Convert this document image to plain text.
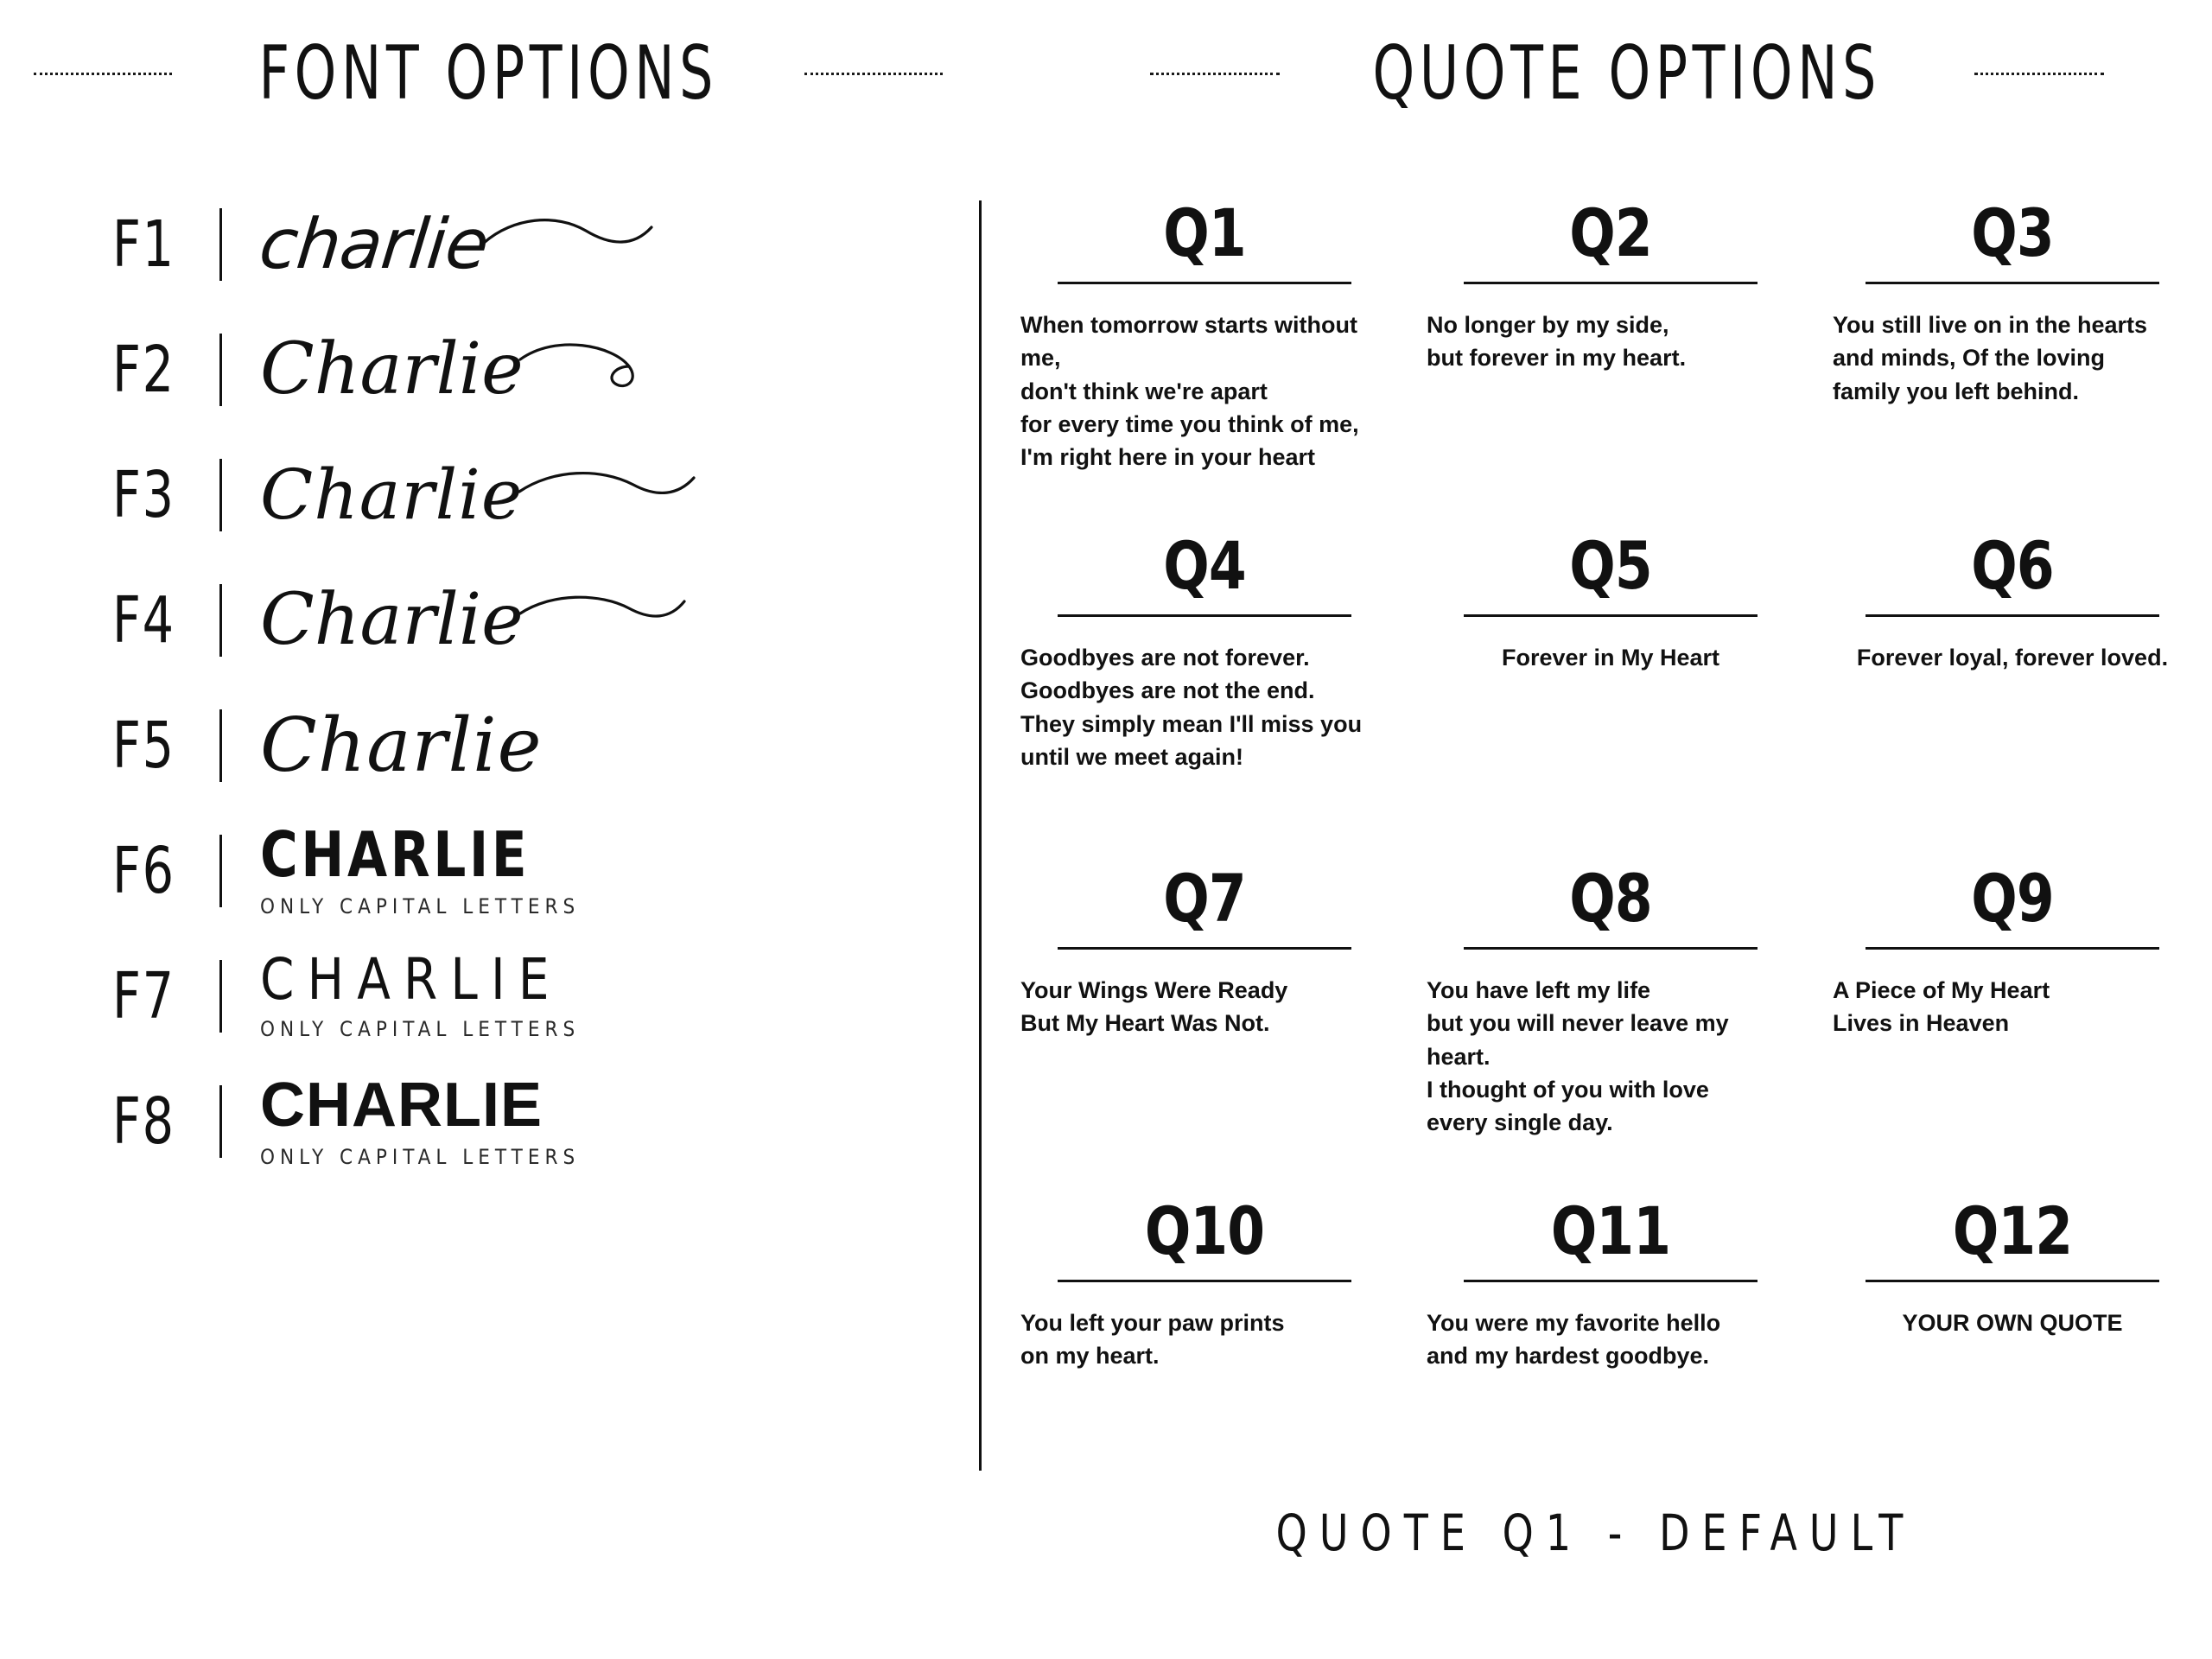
FONT OPTIONS
F1	charlie
F2	Charlie
F3	Charlie
F4	Charlie
F5	Charlie
F6	CHARLIE
ONLY CAPITAL LETTERS
F7	CHARLIE
ONLY CAPITAL LETTERS
F8	CHARLIE
ONLY CAPITAL LETTERS
QUOTE OPTIONS
Q1
When tomorrow starts without me,
don't think we're apart
for every time you think of me,
I'm right here in your heart
Q2
No longer by my side,
but forever in my heart.
Q3
You still live on in the hearts
and minds, Of the loving
family you left behind.
Q4
Goodbyes are not forever.
Goodbyes are not the end.
They simply mean I'll miss you
until we meet again!
Q5
Forever in My Heart
Q6
Forever loyal, forever loved.
Q7
Your Wings Were Ready
But My Heart Was Not.
Q8
You have left my life
but you will never leave my heart.
I thought of you with love
every single day.
Q9
A Piece of My Heart
Lives in Heaven
Q10
You left your paw prints
on my heart.
Q11
You were my favorite hello
and my hardest goodbye.
Q12
YOUR OWN QUOTE
QUOTE Q1 - DEFAULT
